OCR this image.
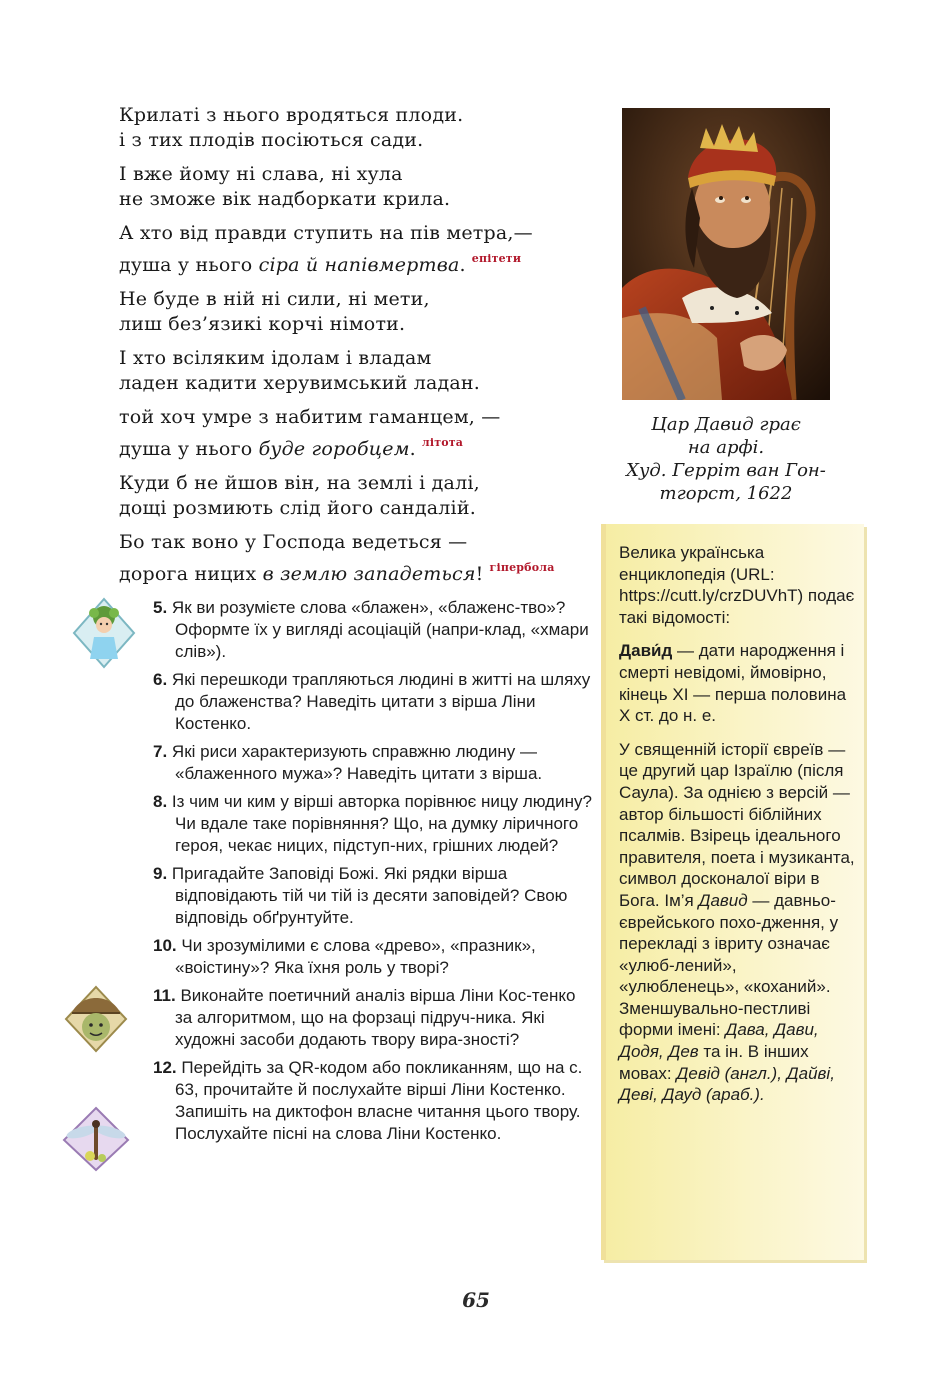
Крилаті з нього вродяться плоди.
і з тих плодів посіються сади.
І вже йому ні слава, ні хула
не зможе вік надборкати крила.
А хто від правди ступить на пів метра,—
душа у нього сіра й напівмертва. $^{епітети}$
Не буде в ній ні сили, ні мети,
лиш без’язикі корчі німоти.
І хто всіляким ідолам і владам
ладен кадити херувимський ладан.
той хоч умре з набитим гаманцем, —
душа у нього буде горобцем. $^{літота}$
Куди б не йшов він, на землі і далі,
дощі розмиють слід його сандалій.
Бо так воно у Господа ведеться —
дорога ницих в землю западеться! $^{гіпербола}$
Цар Давид грає
на арфі.
Худ. Герріт ван Гон-
тгорст, 1622
5. Як ви розумієте слова «блажен», «блаженс-тво»? Оформте їх у вигляді асоціацій (напри-клад, «хмари слів»).
6. Які перешкоди трапляються людині в житті на шляху до блаженства? Наведіть цитати з вірша Ліни Костенко.
7. Які риси характеризують справжню людину — «блаженного мужа»? Наведіть цитати з вірша.
8. Із чим чи ким у вірші авторка порівнює ницу людину? Чи вдале таке порівняння? Що, на думку ліричного героя, чекає ницих, підступ-них, грішних людей?
9. Пригадайте Заповіді Божі. Які рядки вірша відповідають тій чи тій із десяти заповідей? Свою відповідь обґрунтуйте.
10. Чи зрозумілими є слова «древо», «празник», «воістину»? Яка їхня роль у творі?
11. Виконайте поетичний аналіз вірша Ліни Кос-тенко за алгоритмом, що на форзаці підруч-ника. Які художні засоби додають твору вира-зності?
12. Перейдіть за QR-кодом або покликанням, що на с. 63, прочитайте й послухайте вірші Ліни Костенко. Запишіть на диктофон власне читання цього твору. Послухайте пісні на слова Ліни Костенко.

Велика українська енциклопедія (URL: https://cutt.ly/crzDUVhT) подає такі відомості:

Дави́д — дати народження і смерті невідомі, ймовірно, кінець XI — перша половина X ст. до н. е.

У священній історії євреїв — це другий цар Ізраїлю (після Саула). За однією з версій — автор більшості біблійних псалмів. Взірець ідеального правителя, поета і музиканта, символ досконалої віри в Бога. Ім’я Давид — давньо-єврейського похо-дження, у перекладі з івриту означає «улюб-лений», «улюбленець», «коханий». Зменшувально-пестливі форми імені: Дава, Дави, Додя, Дев та ін. В інших мовах: Девід (англ.), Дайві, Деві, Дауд (араб.).

65
